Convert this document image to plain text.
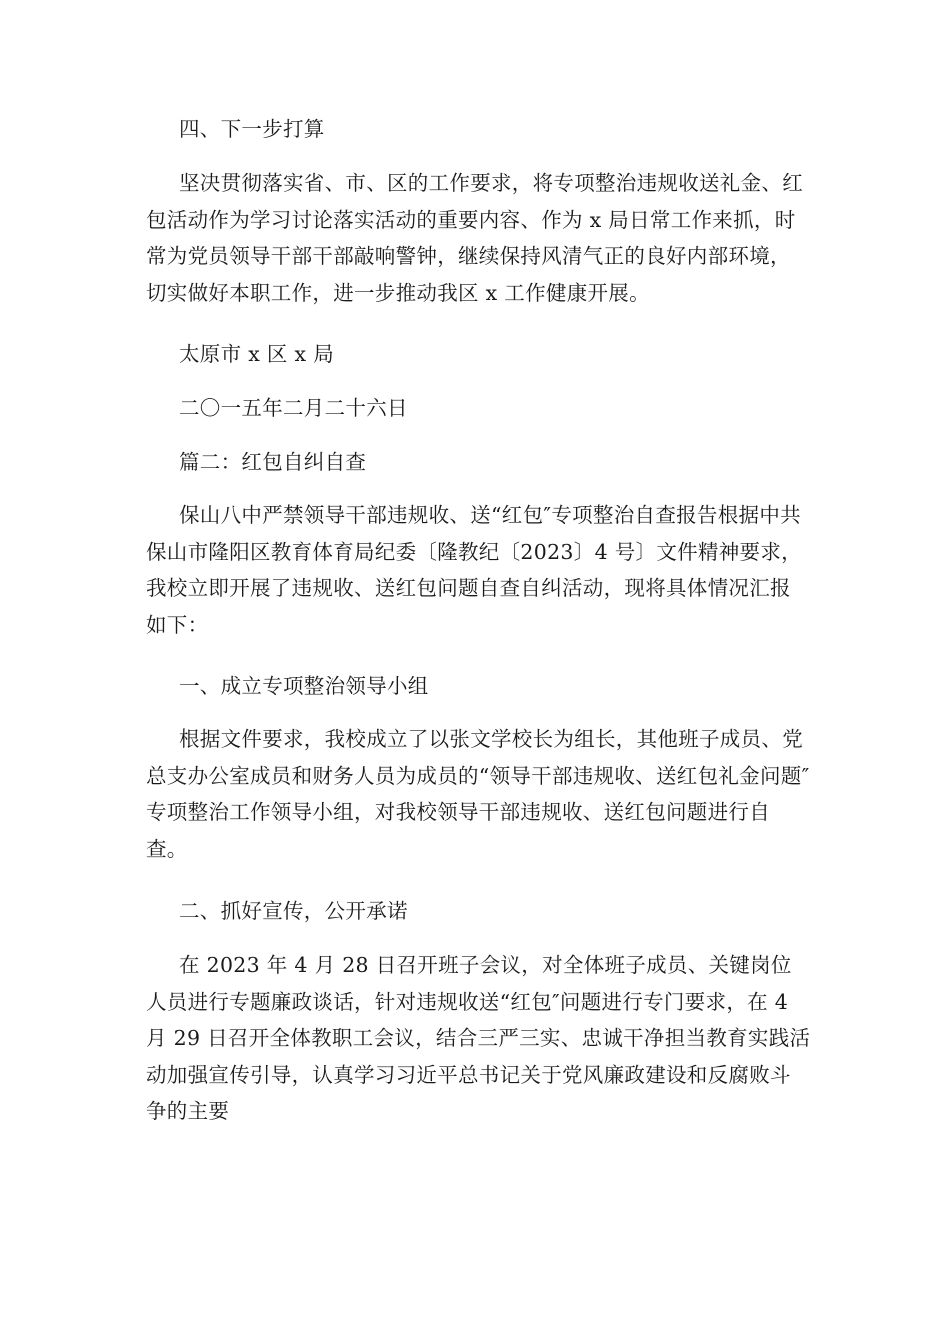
四、下一步打算

坚决贯彻落实省、市、区的工作要求，将专项整治违规收送礼金、红包活动作为学习讨论落实活动的重要内容、作为 x 局日常工作来抓，时常为党员领导干部干部敲响警钟，继续保持风清气正的良好内部环境，切实做好本职工作，进一步推动我区 x 工作健康开展。

太原市 x 区 x 局

二〇一五年二月二十六日

篇二：红包自纠自查

保山八中严禁领导干部违规收、送“红包″专项整治自查报告根据中共保山市隆阳区教育体育局纪委〔隆教纪〔2023〕4 号〕文件精神要求，我校立即开展了违规收、送红包问题自查自纠活动，现将具体情况汇报如下：

一、成立专项整治领导小组

根据文件要求，我校成立了以张文学校长为组长，其他班子成员、党总支办公室成员和财务人员为成员的“领导干部违规收、送红包礼金问题″专项整治工作领导小组，对我校领导干部违规收、送红包问题进行自查。

二、抓好宣传，公开承诺

在 2023 年 4 月 28 日召开班子会议，对全体班子成员、关键岗位人员进行专题廉政谈话，针对违规收送“红包″问题进行专门要求，在 4 月 29 日召开全体教职工会议，结合三严三实、忠诚干净担当教育实践活动加强宣传引导，认真学习习近平总书记关于党风廉政建设和反腐败斗争的主要
